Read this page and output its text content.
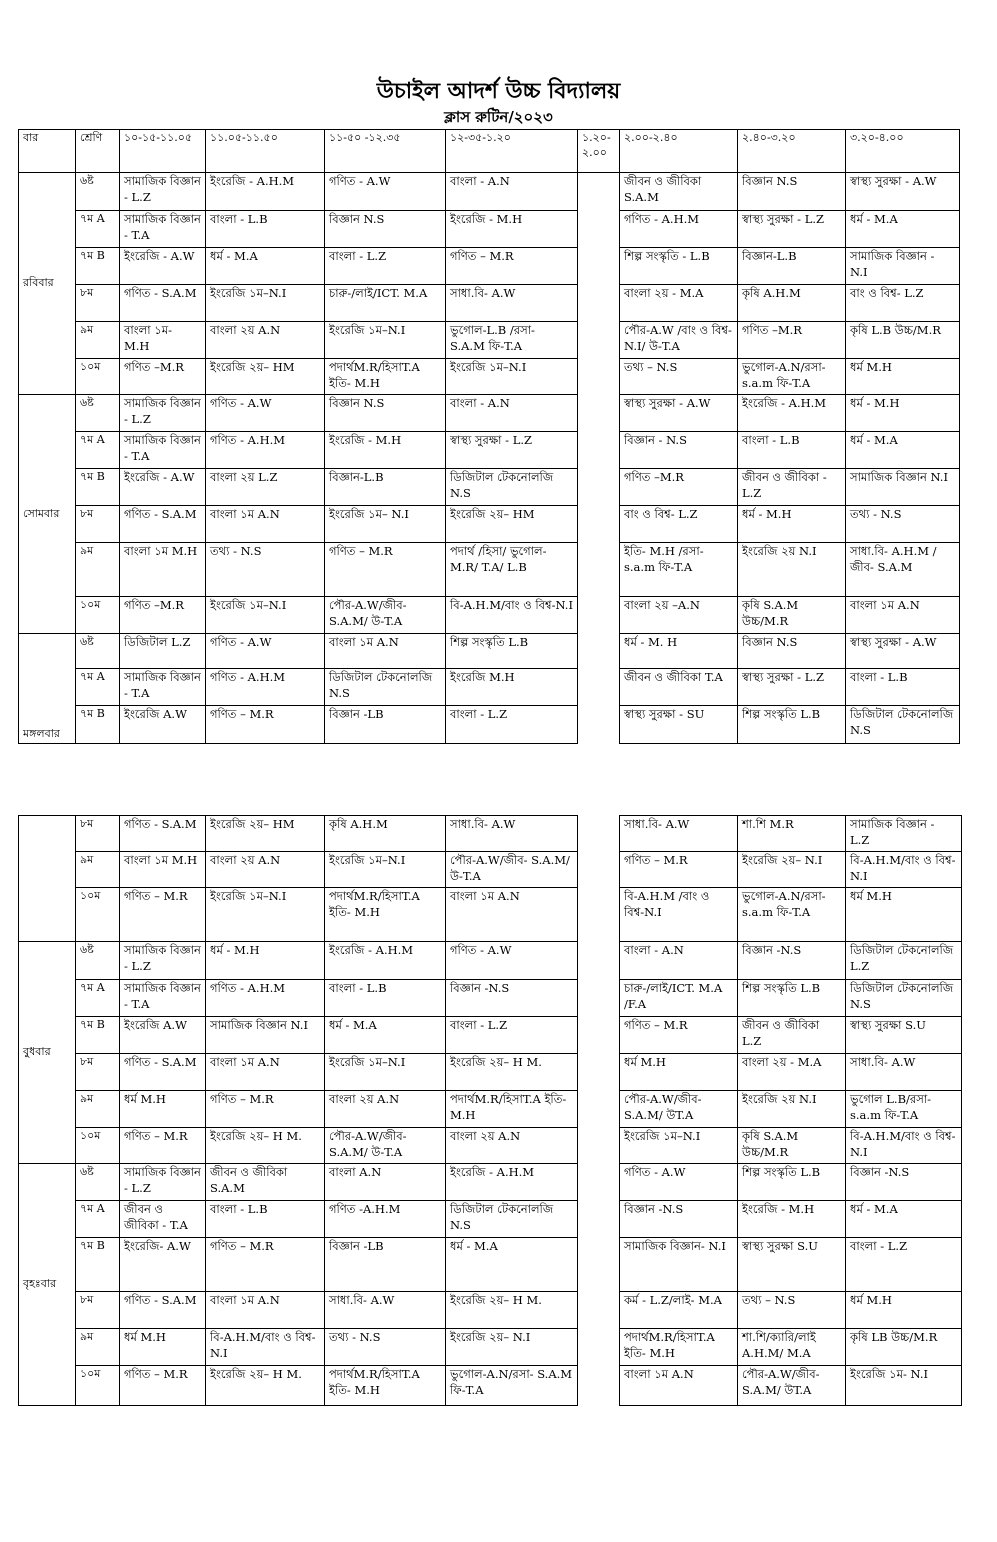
উচাইল আদর্শ উচ্চ বিদ্যালয়
ক্লাস রুটিন/২০২৩
বার	শ্রেণি	১০-১৫-১১.০৫	১১.০৫-১১.৫০	১১-৫০ -১২.৩৫	১২-৩৫-১.২০	১.২০- ২.০০	২.০০-২.৪০	২.৪০-৩.২০	৩.২০-৪.০০
রবিবার	৬ষ্ট	সামাজিক বিজ্ঞান - L.Z	ইংরেজি - A.H.M	গণিত - A.W	বাংলা - A.N		জীবন ও জীবিকা S.A.M	বিজ্ঞান N.S	স্বাস্থ্য সুরক্ষা - A.W
	৭ম A	সামাজিক বিজ্ঞান - T.A	বাংলা - L.B	বিজ্ঞান N.S	ইংরেজি - M.H		গণিত - A.H.M	স্বাস্থ্য সুরক্ষা - L.Z	ধর্ম - M.A
	৭ম B	ইংরেজি - A.W	ধর্ম - M.A	বাংলা - L.Z	গণিত – M.R		শিল্প সংস্কৃতি - L.B	বিজ্ঞান-L.B	সামাজিক বিজ্ঞান - N.I
	৮ম	গণিত - S.A.M	ইংরেজি ১ম–N.I	চারু-/লাই/ICT. M.A	সাধা.বি- A.W		বাংলা ২য় - M.A	কৃষি A.H.M	বাং ও বিশ্ব- L.Z
	৯ম	বাংলা ১ম- M.H	বাংলা ২য় A.N	ইংরেজি ১ম–N.I	ভুগোল-L.B /রসা- S.A.M ফি-T.A		পৌর-A.W /বাং ও বিশ্ব-N.I/ উ-T.A	গণিত –M.R	কৃষি L.B উচ্চ/M.R
	১০ম	গণিত –M.R	ইংরেজি ২য়– HM	পদার্থM.R/হিসাT.A ইতি- M.H	ইংরেজি ১ম–N.I		তথ্য – N.S	ভুগোল-A.N/রসা- s.a.m ফি-T.A	ধর্ম M.H
সোমবার	৬ষ্ট	সামাজিক বিজ্ঞান - L.Z	গণিত - A.W	বিজ্ঞান N.S	বাংলা - A.N		স্বাস্থ্য সুরক্ষা - A.W	ইংরেজি - A.H.M	ধর্ম - M.H
	৭ম A	সামাজিক বিজ্ঞান - T.A	গণিত - A.H.M	ইংরেজি - M.H	স্বাস্থ্য সুরক্ষা - L.Z		বিজ্ঞান - N.S	বাংলা - L.B	ধর্ম - M.A
	৭ম B	ইংরেজি - A.W	বাংলা ২য় L.Z	বিজ্ঞান-L.B	ডিজিটাল টেকনোলজি N.S		গণিত –M.R	জীবন ও জীবিকা - L.Z	সামাজিক বিজ্ঞান N.I
	৮ম	গণিত - S.A.M	বাংলা ১ম A.N	ইংরেজি ১ম– N.I	ইংরেজি ২য়– HM		বাং ও বিশ্ব- L.Z	ধর্ম - M.H	তথ্য - N.S
	৯ম	বাংলা ১ম M.H	তথ্য - N.S	গণিত – M.R	পদার্থ /হিসা/ ভুগোল- M.R/ T.A/ L.B		ইতি- M.H /রসা- s.a.m ফি-T.A	ইংরেজি ২য় N.I	সাধা.বি- A.H.M /জীব- S.A.M
	১০ম	গণিত –M.R	ইংরেজি ১ম–N.I	পৌর-A.W/জীব- S.A.M/ উ-T.A	বি-A.H.M/বাং ও বিশ্ব-N.I		বাংলা ২য় –A.N	কৃষি S.A.M উচ্চ/M.R	বাংলা ১ম A.N
মঙ্গলবার	৬ষ্ট	ডিজিটাল L.Z	গণিত - A.W	বাংলা ১ম A.N	শিল্প সংস্কৃতি L.B		ধর্ম - M. H	বিজ্ঞান N.S	স্বাস্থ্য সুরক্ষা - A.W
	৭ম A	সামাজিক বিজ্ঞান - T.A	গণিত - A.H.M	ডিজিটাল টেকনোলজি N.S	ইংরেজি M.H		জীবন ও জীবিকা T.A	স্বাস্থ্য সুরক্ষা - L.Z	বাংলা - L.B
	৭ম B	ইংরেজি A.W	গণিত – M.R	বিজ্ঞান -LB	বাংলা - L.Z		স্বাস্থ্য সুরক্ষা - SU	শিল্প সংস্কৃতি L.B	ডিজিটাল টেকনোলজি N.S
	৮ম	গণিত - S.A.M	ইংরেজি ২য়– HM	কৃষি A.H.M	সাধা.বি- A.W		সাধা.বি- A.W	শা.শি M.R	সামাজিক বিজ্ঞান - L.Z
	৯ম	বাংলা ১ম M.H	বাংলা ২য় A.N	ইংরেজি ১ম–N.I	পৌর-A.W/জীব- S.A.M/ উ-T.A		গণিত – M.R	ইংরেজি ২য়– N.I	বি-A.H.M/বাং ও বিশ্ব-N.I
	১০ম	গণিত – M.R	ইংরেজি ১ম–N.I	পদার্থM.R/হিসাT.A ইতি- M.H	বাংলা ১ম A.N		বি-A.H.M /বাং ও বিশ্ব-N.I	ভুগোল-A.N/রসা- s.a.m ফি-T.A	ধর্ম M.H
বুধবার	৬ষ্ট	সামাজিক বিজ্ঞান - L.Z	ধর্ম - M.H	ইংরেজি - A.H.M	গণিত - A.W		বাংলা - A.N	বিজ্ঞান -N.S	ডিজিটাল টেকনোলজি L.Z
	৭ম A	সামাজিক বিজ্ঞান - T.A	গণিত - A.H.M	বাংলা - L.B	বিজ্ঞান -N.S		চারু-/লাই/ICT. M.A /F.A	শিল্প সংস্কৃতি L.B	ডিজিটাল টেকনোলজি N.S
	৭ম B	ইংরেজি A.W	সামাজিক বিজ্ঞান N.I	ধর্ম - M.A	বাংলা - L.Z		গণিত – M.R	জীবন ও জীবিকা L.Z	স্বাস্থ্য সুরক্ষা S.U
	৮ম	গণিত - S.A.M	বাংলা ১ম A.N	ইংরেজি ১ম–N.I	ইংরেজি ২য়– H M.		ধর্ম M.H	বাংলা ২য় - M.A	সাধা.বি- A.W
	৯ম	ধর্ম M.H	গণিত – M.R	বাংলা ২য় A.N	পদার্থM.R/হিসাT.A ইতি- M.H		পৌর-A.W/জীব- S.A.M/ উT.A	ইংরেজি ২য় N.I	ভুগোল L.B/রসা- s.a.m ফি-T.A
	১০ম	গণিত – M.R	ইংরেজি ২য়– H M.	পৌর-A.W/জীব- S.A.M/ উ-T.A	বাংলা ২য় A.N		ইংরেজি ১ম–N.I	কৃষি S.A.M উচ্চ/M.R	বি-A.H.M/বাং ও বিশ্ব-N.I
বৃহঃবার	৬ষ্ট	সামাজিক বিজ্ঞান - L.Z	জীবন ও জীবিকা S.A.M	বাংলা A.N	ইংরেজি - A.H.M		গণিত - A.W	শিল্প সংস্কৃতি L.B	বিজ্ঞান -N.S
	৭ম A	জীবন ও জীবিকা - T.A	বাংলা - L.B	গণিত -A.H.M	ডিজিটাল টেকনোলজি N.S		বিজ্ঞান -N.S	ইংরেজি - M.H	ধর্ম - M.A
	৭ম B	ইংরেজি- A.W	গণিত – M.R	বিজ্ঞান -LB	ধর্ম - M.A		সামাজিক বিজ্ঞান- N.I	স্বাস্থ্য সুরক্ষা S.U	বাংলা - L.Z
	৮ম	গণিত - S.A.M	বাংলা ১ম A.N	সাধা.বি- A.W	ইংরেজি ২য়– H M.		কর্ম - L.Z/লাই- M.A	তথ্য – N.S	ধর্ম M.H
	৯ম	ধর্ম M.H	বি-A.H.M/বাং ও বিশ্ব-N.I	তথ্য - N.S	ইংরেজি ২য়– N.I		পদার্থM.R/হিসাT.A ইতি- M.H	শা.শি/ক্যারি/লাই A.H.M/ M.A	কৃষি LB উচ্চ/M.R
	১০ম	গণিত – M.R	ইংরেজি ২য়– H M.	পদার্থM.R/হিসাT.A ইতি- M.H	ভুগোল-A.N/রসা- S.A.M ফি-T.A		বাংলা ১ম A.N	পৌর-A.W/জীব- S.A.M/ উT.A	ইংরেজি ১ম- N.I
